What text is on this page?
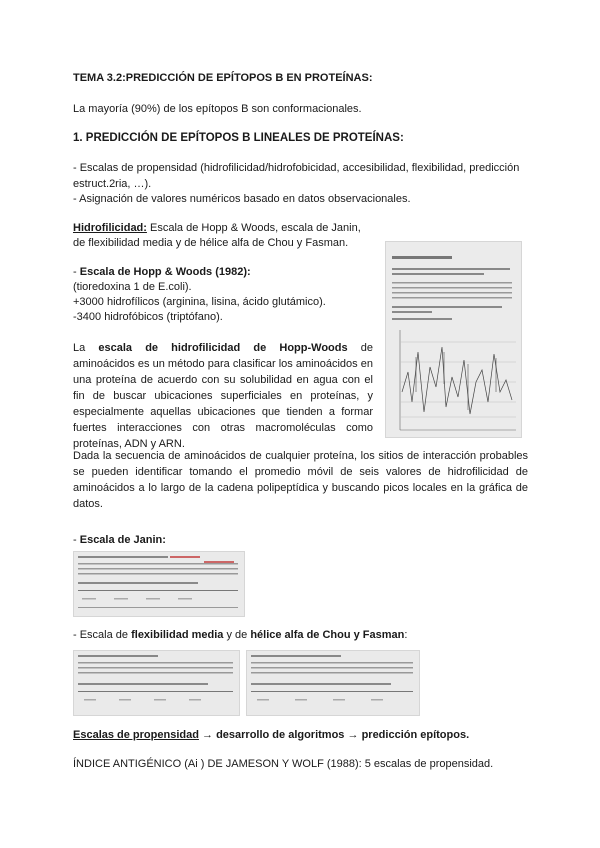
TEMA 3.2:PREDICCIÓN DE EPÍTOPOS B EN PROTEÍNAS:
La mayoría (90%) de los epítopos B son conformacionales.
1. PREDICCIÓN DE EPÍTOPOS B LINEALES DE PROTEÍNAS:
- Escalas de propensidad (hidrofilicidad/hidrofobicidad, accesibilidad, flexibilidad, predicción
estruct.2ria, …).
- Asignación de valores numéricos basado en datos observacionales.
Hidrofilicidad: Escala de Hopp & Woods, escala de Janin,
de flexibilidad media y de hélice alfa de Chou y Fasman.
- Escala de Hopp & Woods (1982):
(tioredoxina 1 de E.coli).
+3000 hidrofílicos (arginina, lisina, ácido glutámico).
-3400 hidrofóbicos (triptófano).
La escala de hidrofilicidad de Hopp-Woods de aminoácidos es un método para clasificar los aminoácidos en una proteína de acuerdo con su solubilidad en agua con el fin de buscar ubicaciones superficiales en proteínas, y especialmente aquellas ubicaciones que tienden a formar fuertes interacciones con otras macromoléculas como proteínas, ADN y ARN.
Dada la secuencia de aminoácidos de cualquier proteína, los sitios de interacción probables se pueden identificar tomando el promedio móvil de seis valores de hidrofilicidad de aminoácidos a lo largo de la cadena polipeptídica y buscando picos locales en la gráfica de datos.
- Escala de Janin:
- Escala de flexibilidad media y de hélice alfa de Chou y Fasman:
Escalas de propensidad → desarrollo de algoritmos → predicción epítopos.
ÍNDICE ANTIGÉNICO (Ai ) DE JAMESON Y WOLF (1988): 5 escalas de propensidad.
